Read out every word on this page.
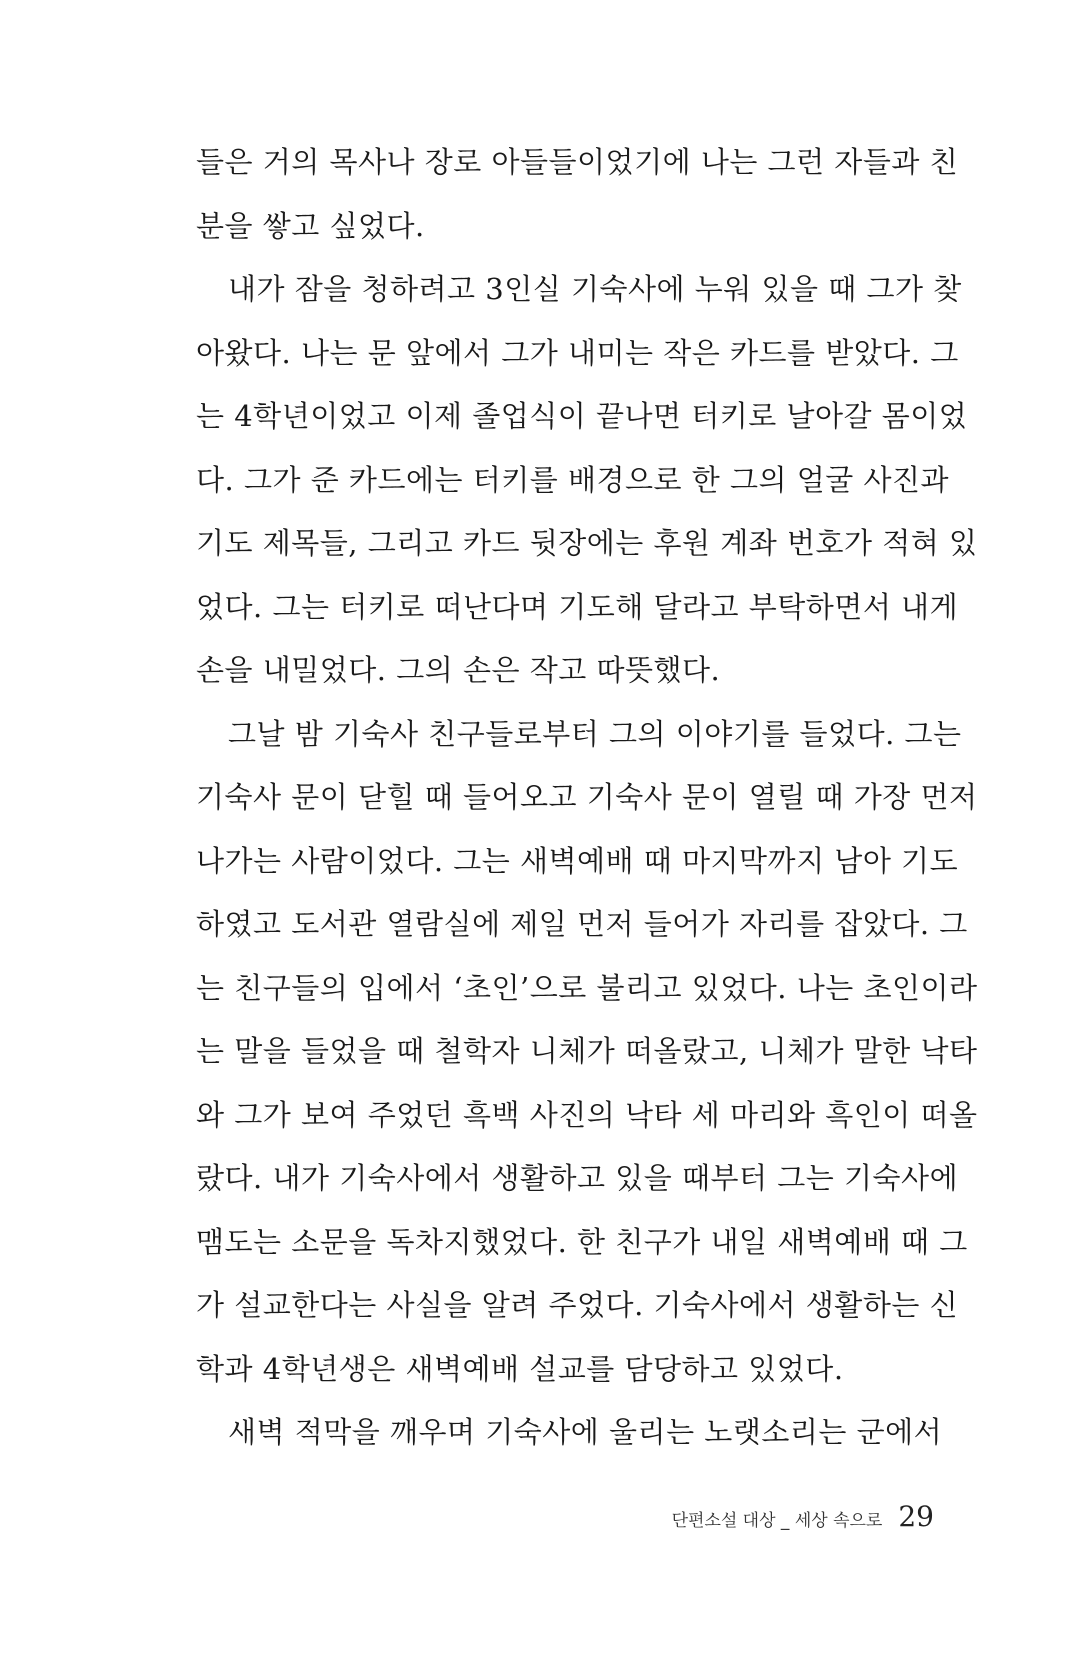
들은 거의 목사나 장로 아들들이었기에 나는 그런 자들과 친
분을 쌓고 싶었다.
내가 잠을 청하려고 3인실 기숙사에 누워 있을 때 그가 찾
아왔다. 나는 문 앞에서 그가 내미는 작은 카드를 받았다. 그
는 4학년이었고 이제 졸업식이 끝나면 터키로 날아갈 몸이었
다. 그가 준 카드에는 터키를 배경으로 한 그의 얼굴 사진과
기도 제목들, 그리고 카드 뒷장에는 후원 계좌 번호가 적혀 있
었다. 그는 터키로 떠난다며 기도해 달라고 부탁하면서 내게
손을 내밀었다. 그의 손은 작고 따뜻했다.
그날 밤 기숙사 친구들로부터 그의 이야기를 들었다. 그는
기숙사 문이 닫힐 때 들어오고 기숙사 문이 열릴 때 가장 먼저
나가는 사람이었다. 그는 새벽예배 때 마지막까지 남아 기도
하였고 도서관 열람실에 제일 먼저 들어가 자리를 잡았다. 그
는 친구들의 입에서 ‘초인’으로 불리고 있었다. 나는 초인이라
는 말을 들었을 때 철학자 니체가 떠올랐고, 니체가 말한 낙타
와 그가 보여 주었던 흑백 사진의 낙타 세 마리와 흑인이 떠올
랐다. 내가 기숙사에서 생활하고 있을 때부터 그는 기숙사에
맴도는 소문을 독차지했었다. 한 친구가 내일 새벽예배 때 그
가 설교한다는 사실을 알려 주었다. 기숙사에서 생활하는 신
학과 4학년생은 새벽예배 설교를 담당하고 있었다.
새벽 적막을 깨우며 기숙사에 울리는 노랫소리는 군에서
단편소설 대상 _ 세상 속으로 29
